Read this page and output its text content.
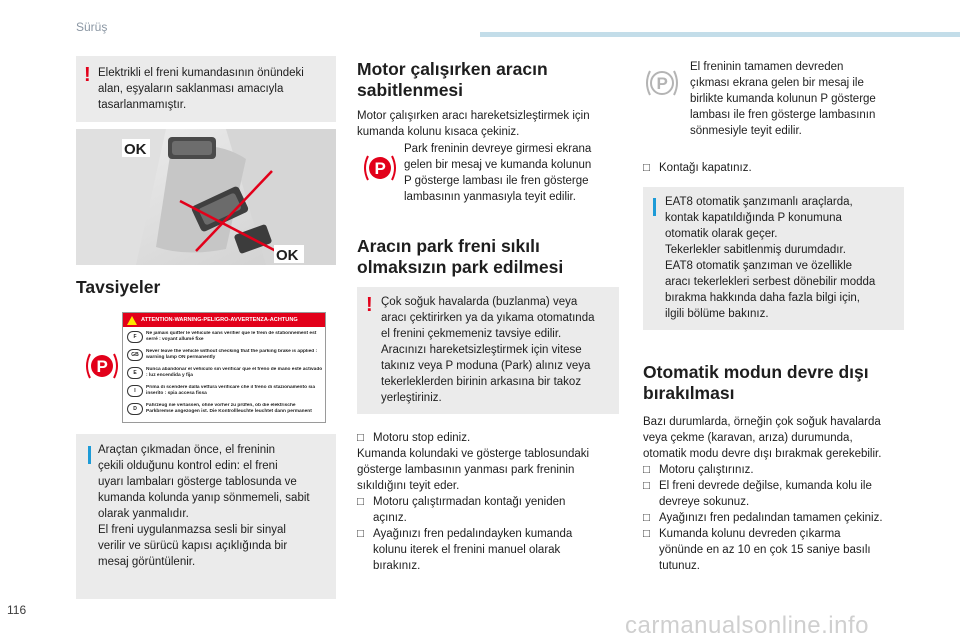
Sürüş
! Elektrikli el freni kumandasının önündeki
alan, eşyaların saklanması amacıyla
tasarlanmamıştır.
OK
OK
Tavsiyeler
P
ATTENTION-WARNING-PELIGRO-AVVERTENZA-ACHTUNG
F
Ne jamais quitter le véhicule sans vérifier que le frein de stationnement est serré : voyant allumé fixe
GB
Never leave the vehicle without checking that the parking brake is applied : warning lamp ON permanently
E
Nunca abandonar el vehículo sin verificar que el freno de mano esté activado : luz encendida y fija
I
Prima di scendere dalla vettura verificare che il freno di stazionamento sia inserito : spia accesa fissa
D
Fahrzeug nie verlassen, ohne vorher zu prüfen, ob die elektrische Parkbremse angezogen ist. Die Kontrollleuchte leuchtet dann permanent
Araçtan çıkmadan önce, el freninin
çekili olduğunu kontrol edin: el freni
uyarı lambaları gösterge tablosunda ve
kumanda kolunda yanıp sönmemeli, sabit
olarak yanmalıdır.
El freni uygulanmazsa sesli bir sinyal
verilir ve sürücü kapısı açıklığında bir
mesaj görüntülenir.
Motor çalışırken aracın
sabitlenmesi
Motor çalışırken aracı hareketsizleştirmek için
kumanda kolunu kısaca çekiniz.
P
Park freninin devreye girmesi ekrana
gelen bir mesaj ve kumanda kolunun
P gösterge lambası ile fren gösterge
lambasının yanmasıyla teyit edilir.
Aracın park freni sıkılı
olmaksızın park edilmesi
! Çok soğuk havalarda (buzlanma) veya
aracı çektirirken ya da yıkama otomatında
el frenini çekmemeniz tavsiye edilir.
Aracınızı hareketsizleştirmek için vitese
takınız veya P moduna (Park) alınız veya
tekerleklerden birinin arkasına bir takoz
yerleştiriniz.
□ Motoru stop ediniz.
Kumanda kolundaki ve gösterge tablosundaki
gösterge lambasının yanması park freninin
sıkıldığını teyit eder.
□ Motoru çalıştırmadan kontağı yeniden
açınız.
□ Ayağınızı fren pedalındayken kumanda
kolunu iterek el frenini manuel olarak
bırakınız.
P
El freninin tamamen devreden
çıkması ekrana gelen bir mesaj ile
birlikte kumanda kolunun P gösterge
lambası ile fren gösterge lambasının
sönmesiyle teyit edilir.
□ Kontağı kapatınız.
EAT8 otomatik şanzımanlı araçlarda,
kontak kapatıldığında P konumuna
otomatik olarak geçer.
Tekerlekler sabitlenmiş durumdadır.
EAT8 otomatik şanzıman ve özellikle
aracı tekerlekleri serbest dönebilir modda
bırakma hakkında daha fazla bilgi için,
ilgili bölüme bakınız.
Otomatik modun devre dışı
bırakılması
Bazı durumlarda, örneğin çok soğuk havalarda
veya çekme (karavan, arıza) durumunda,
otomatik modu devre dışı bırakmak gerekebilir.
□ Motoru çalıştırınız.
□ El freni devrede değilse, kumanda kolu ile
devreye sokunuz.
□ Ayağınızı fren pedalından tamamen çekiniz.
□ Kumanda kolunu devreden çıkarma
yönünde en az 10 en çok 15 saniye basılı
tutunuz.
116
carmanualsonline.info
